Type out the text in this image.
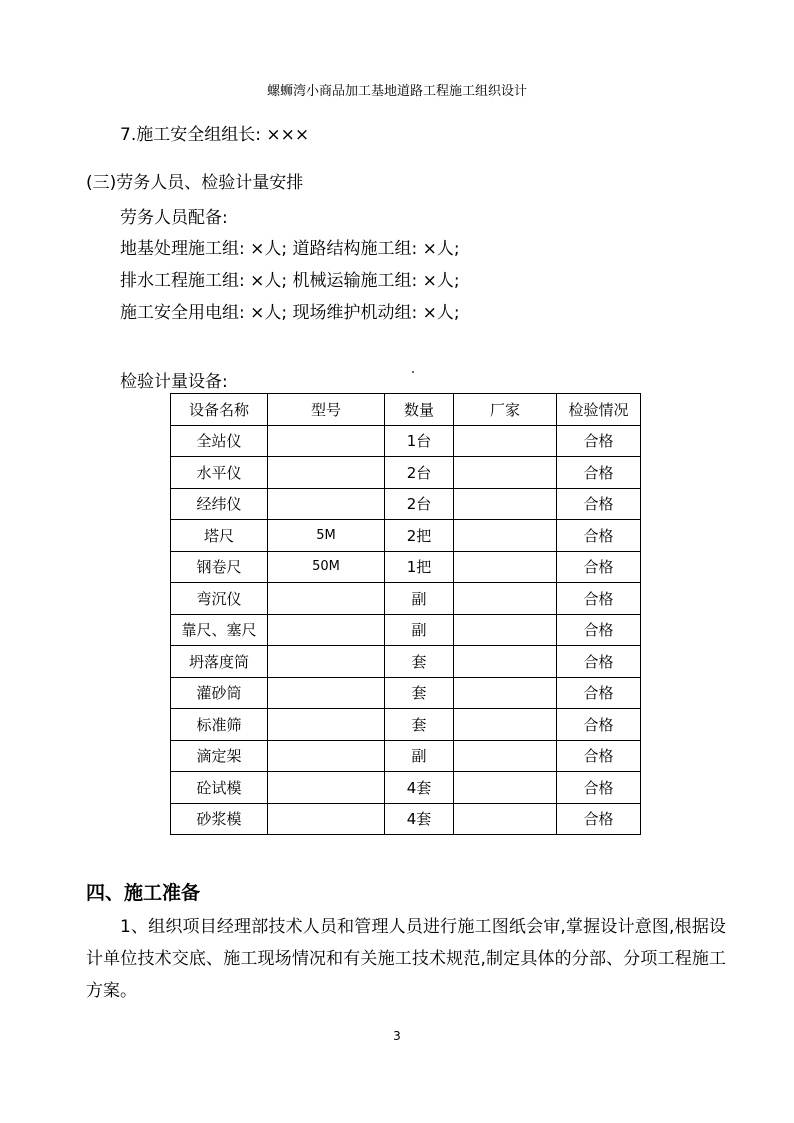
螺蛳湾小商品加工基地道路工程施工组织设计
7.施工安全组组长: ×××
(三)劳务人员、检验计量安排
劳务人员配备:
地基处理施工组: ×人; 道路结构施工组: ×人;
排水工程施工组: ×人; 机械运输施工组: ×人;
施工安全用电组: ×人; 现场维护机动组: ×人;
检验计量设备:
设备名称	型号	数量	厂家	检验情况
全站仪		1台		合格
水平仪		2台		合格
经纬仪		2台		合格
塔尺	5M	2把		合格
钢卷尺	50M	1把		合格
弯沉仪		副		合格
靠尺、塞尺		副		合格
坍落度筒		套		合格
灌砂筒		套		合格
标准筛		套		合格
滴定架		副		合格
砼试模		4套		合格
砂浆模		4套		合格
四、施工准备
1、组织项目经理部技术人员和管理人员进行施工图纸会审,掌握设计意图,根据设计单位技术交底、施工现场情况和有关施工技术规范,制定具体的分部、分项工程施工方案。
3
